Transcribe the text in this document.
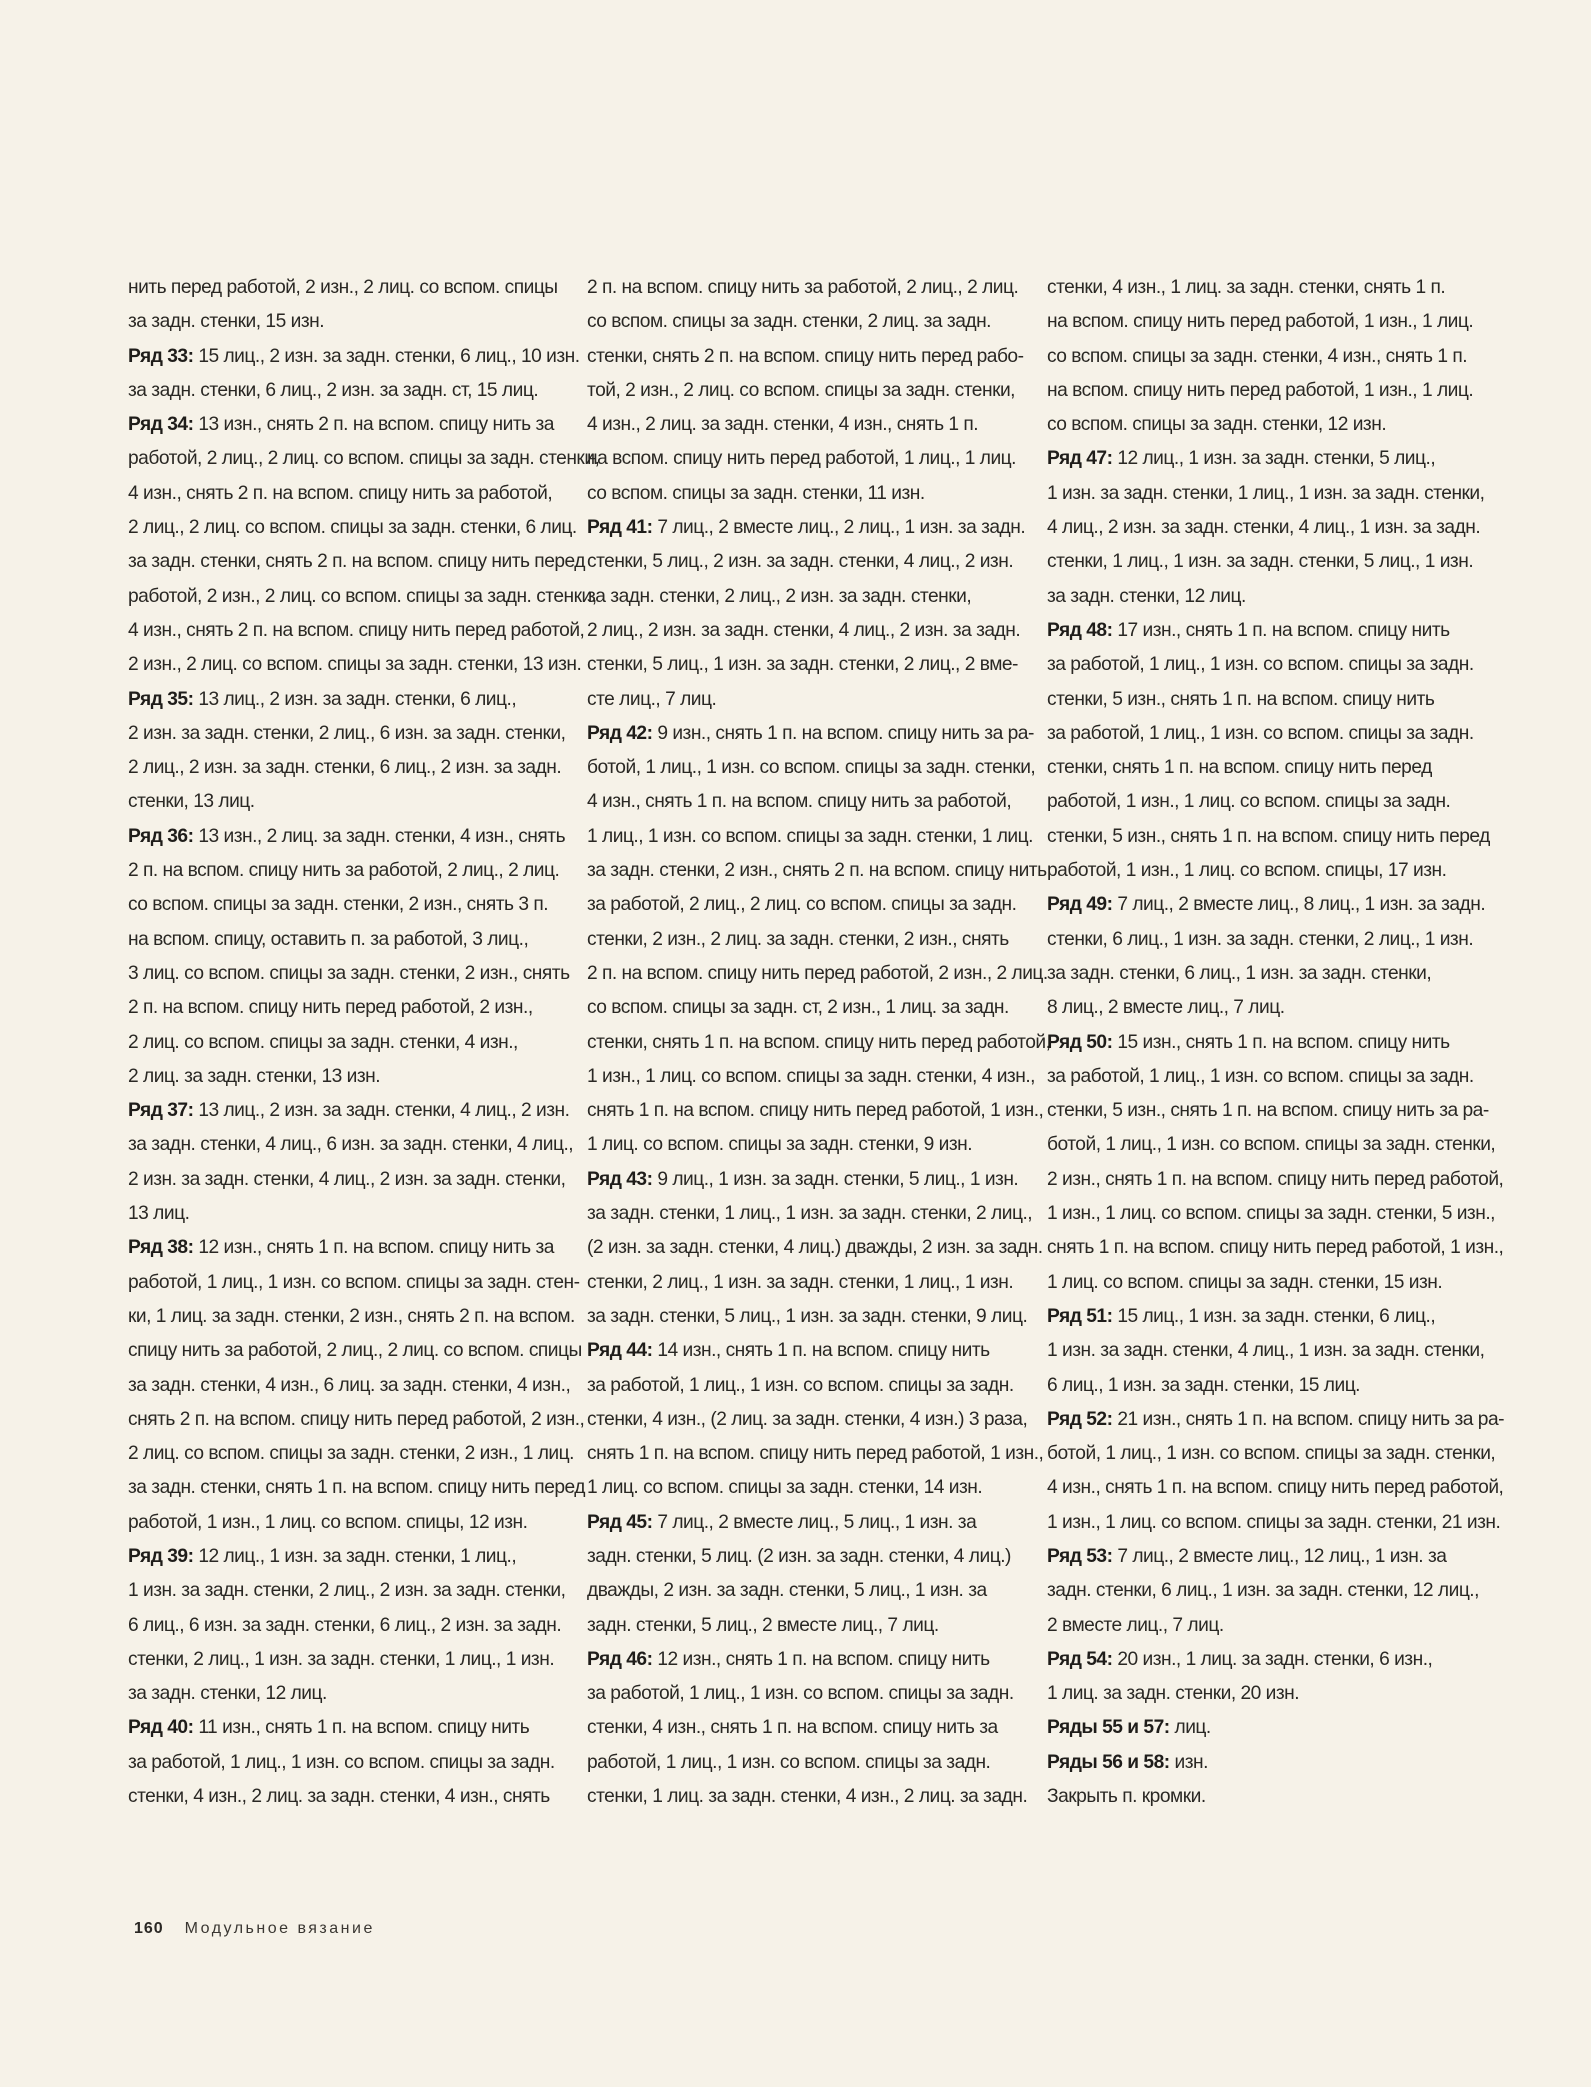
нить перед работой, 2 изн., 2 лиц. со вспом. спицы
за задн. стенки, 15 изн.
Ряд 33: 15 лиц., 2 изн. за задн. стенки, 6 лиц., 10 изн.
за задн. стенки, 6 лиц., 2 изн. за задн. ст, 15 лиц.
Ряд 34: 13 изн., снять 2 п. на вспом. спицу нить за
работой, 2 лиц., 2 лиц. со вспом. спицы за задн. стенки,
4 изн., снять 2 п. на вспом. спицу нить за работой,
2 лиц., 2 лиц. со вспом. спицы за задн. стенки, 6 лиц.
за задн. стенки, снять 2 п. на вспом. спицу нить перед
работой, 2 изн., 2 лиц. со вспом. спицы за задн. стенки,
4 изн., снять 2 п. на вспом. спицу нить перед работой,
2 изн., 2 лиц. со вспом. спицы за задн. стенки, 13 изн.
Ряд 35: 13 лиц., 2 изн. за задн. стенки, 6 лиц.,
2 изн. за задн. стенки, 2 лиц., 6 изн. за задн. стенки,
2 лиц., 2 изн. за задн. стенки, 6 лиц., 2 изн. за задн.
стенки, 13 лиц.
Ряд 36: 13 изн., 2 лиц. за задн. стенки, 4 изн., снять
2 п. на вспом. спицу нить за работой, 2 лиц., 2 лиц.
со вспом. спицы за задн. стенки, 2 изн., снять 3 п.
на вспом. спицу, оставить п. за работой, 3 лиц.,
3 лиц. со вспом. спицы за задн. стенки, 2 изн., снять
2 п. на вспом. спицу нить перед работой, 2 изн.,
2 лиц. со вспом. спицы за задн. стенки, 4 изн.,
2 лиц. за задн. стенки, 13 изн.
Ряд 37: 13 лиц., 2 изн. за задн. стенки, 4 лиц., 2 изн.
за задн. стенки, 4 лиц., 6 изн. за задн. стенки, 4 лиц.,
2 изн. за задн. стенки, 4 лиц., 2 изн. за задн. стенки,
13 лиц.
Ряд 38: 12 изн., снять 1 п. на вспом. спицу нить за
работой, 1 лиц., 1 изн. со вспом. спицы за задн. стен-
ки, 1 лиц. за задн. стенки, 2 изн., снять 2 п. на вспом.
спицу нить за работой, 2 лиц., 2 лиц. со вспом. спицы
за задн. стенки, 4 изн., 6 лиц. за задн. стенки, 4 изн.,
снять 2 п. на вспом. спицу нить перед работой, 2 изн.,
2 лиц. со вспом. спицы за задн. стенки, 2 изн., 1 лиц.
за задн. стенки, снять 1 п. на вспом. спицу нить перед
работой, 1 изн., 1 лиц. со вспом. спицы, 12 изн.
Ряд 39: 12 лиц., 1 изн. за задн. стенки, 1 лиц.,
1 изн. за задн. стенки, 2 лиц., 2 изн. за задн. стенки,
6 лиц., 6 изн. за задн. стенки, 6 лиц., 2 изн. за задн.
стенки, 2 лиц., 1 изн. за задн. стенки, 1 лиц., 1 изн.
за задн. стенки, 12 лиц.
Ряд 40: 11 изн., снять 1 п. на вспом. спицу нить
за работой, 1 лиц., 1 изн. со вспом. спицы за задн.
стенки, 4 изн., 2 лиц. за задн. стенки, 4 изн., снять
2 п. на вспом. спицу нить за работой, 2 лиц., 2 лиц.
со вспом. спицы за задн. стенки, 2 лиц. за задн.
стенки, снять 2 п. на вспом. спицу нить перед рабо-
той, 2 изн., 2 лиц. со вспом. спицы за задн. стенки,
4 изн., 2 лиц. за задн. стенки, 4 изн., снять 1 п.
на вспом. спицу нить перед работой, 1 лиц., 1 лиц.
со вспом. спицы за задн. стенки, 11 изн.
Ряд 41: 7 лиц., 2 вместе лиц., 2 лиц., 1 изн. за задн.
стенки, 5 лиц., 2 изн. за задн. стенки, 4 лиц., 2 изн.
за задн. стенки, 2 лиц., 2 изн. за задн. стенки,
2 лиц., 2 изн. за задн. стенки, 4 лиц., 2 изн. за задн.
стенки, 5 лиц., 1 изн. за задн. стенки, 2 лиц., 2 вме-
сте лиц., 7 лиц.
Ряд 42: 9 изн., снять 1 п. на вспом. спицу нить за ра-
ботой, 1 лиц., 1 изн. со вспом. спицы за задн. стенки,
4 изн., снять 1 п. на вспом. спицу нить за работой,
1 лиц., 1 изн. со вспом. спицы за задн. стенки, 1 лиц.
за задн. стенки, 2 изн., снять 2 п. на вспом. спицу нить
за работой, 2 лиц., 2 лиц. со вспом. спицы за задн.
стенки, 2 изн., 2 лиц. за задн. стенки, 2 изн., снять
2 п. на вспом. спицу нить перед работой, 2 изн., 2 лиц.
со вспом. спицы за задн. ст, 2 изн., 1 лиц. за задн.
стенки, снять 1 п. на вспом. спицу нить перед работой,
1 изн., 1 лиц. со вспом. спицы за задн. стенки, 4 изн.,
снять 1 п. на вспом. спицу нить перед работой, 1 изн.,
1 лиц. со вспом. спицы за задн. стенки, 9 изн.
Ряд 43: 9 лиц., 1 изн. за задн. стенки, 5 лиц., 1 изн.
за задн. стенки, 1 лиц., 1 изн. за задн. стенки, 2 лиц.,
(2 изн. за задн. стенки, 4 лиц.) дважды, 2 изн. за задн.
стенки, 2 лиц., 1 изн. за задн. стенки, 1 лиц., 1 изн.
за задн. стенки, 5 лиц., 1 изн. за задн. стенки, 9 лиц.
Ряд 44: 14 изн., снять 1 п. на вспом. спицу нить
за работой, 1 лиц., 1 изн. со вспом. спицы за задн.
стенки, 4 изн., (2 лиц. за задн. стенки, 4 изн.) 3 раза,
снять 1 п. на вспом. спицу нить перед работой, 1 изн.,
1 лиц. со вспом. спицы за задн. стенки, 14 изн.
Ряд 45: 7 лиц., 2 вместе лиц., 5 лиц., 1 изн. за
задн. стенки, 5 лиц. (2 изн. за задн. стенки, 4 лиц.)
дважды, 2 изн. за задн. стенки, 5 лиц., 1 изн. за
задн. стенки, 5 лиц., 2 вместе лиц., 7 лиц.
Ряд 46: 12 изн., снять 1 п. на вспом. спицу нить
за работой, 1 лиц., 1 изн. со вспом. спицы за задн.
стенки, 4 изн., снять 1 п. на вспом. спицу нить за
работой, 1 лиц., 1 изн. со вспом. спицы за задн.
стенки, 1 лиц. за задн. стенки, 4 изн., 2 лиц. за задн.
стенки, 4 изн., 1 лиц. за задн. стенки, снять 1 п.
на вспом. спицу нить перед работой, 1 изн., 1 лиц.
со вспом. спицы за задн. стенки, 4 изн., снять 1 п.
на вспом. спицу нить перед работой, 1 изн., 1 лиц.
со вспом. спицы за задн. стенки, 12 изн.
Ряд 47: 12 лиц., 1 изн. за задн. стенки, 5 лиц.,
1 изн. за задн. стенки, 1 лиц., 1 изн. за задн. стенки,
4 лиц., 2 изн. за задн. стенки, 4 лиц., 1 изн. за задн.
стенки, 1 лиц., 1 изн. за задн. стенки, 5 лиц., 1 изн.
за задн. стенки, 12 лиц.
Ряд 48: 17 изн., снять 1 п. на вспом. спицу нить
за работой, 1 лиц., 1 изн. со вспом. спицы за задн.
стенки, 5 изн., снять 1 п. на вспом. спицу нить
за работой, 1 лиц., 1 изн. со вспом. спицы за задн.
стенки, снять 1 п. на вспом. спицу нить перед
работой, 1 изн., 1 лиц. со вспом. спицы за задн.
стенки, 5 изн., снять 1 п. на вспом. спицу нить перед
работой, 1 изн., 1 лиц. со вспом. спицы, 17 изн.
Ряд 49: 7 лиц., 2 вместе лиц., 8 лиц., 1 изн. за задн.
стенки, 6 лиц., 1 изн. за задн. стенки, 2 лиц., 1 изн.
за задн. стенки, 6 лиц., 1 изн. за задн. стенки,
8 лиц., 2 вместе лиц., 7 лиц.
Ряд 50: 15 изн., снять 1 п. на вспом. спицу нить
за работой, 1 лиц., 1 изн. со вспом. спицы за задн.
стенки, 5 изн., снять 1 п. на вспом. спицу нить за ра-
ботой, 1 лиц., 1 изн. со вспом. спицы за задн. стенки,
2 изн., снять 1 п. на вспом. спицу нить перед работой,
1 изн., 1 лиц. со вспом. спицы за задн. стенки, 5 изн.,
снять 1 п. на вспом. спицу нить перед работой, 1 изн.,
1 лиц. со вспом. спицы за задн. стенки, 15 изн.
Ряд 51: 15 лиц., 1 изн. за задн. стенки, 6 лиц.,
1 изн. за задн. стенки, 4 лиц., 1 изн. за задн. стенки,
6 лиц., 1 изн. за задн. стенки, 15 лиц.
Ряд 52: 21 изн., снять 1 п. на вспом. спицу нить за ра-
ботой, 1 лиц., 1 изн. со вспом. спицы за задн. стенки,
4 изн., снять 1 п. на вспом. спицу нить перед работой,
1 изн., 1 лиц. со вспом. спицы за задн. стенки, 21 изн.
Ряд 53: 7 лиц., 2 вместе лиц., 12 лиц., 1 изн. за
задн. стенки, 6 лиц., 1 изн. за задн. стенки, 12 лиц.,
2 вместе лиц., 7 лиц.
Ряд 54: 20 изн., 1 лиц. за задн. стенки, 6 изн.,
1 лиц. за задн. стенки, 20 изн.
Ряды 55 и 57: лиц.
Ряды 56 и 58: изн.
Закрыть п. кромки.
160 Модульное вязание
